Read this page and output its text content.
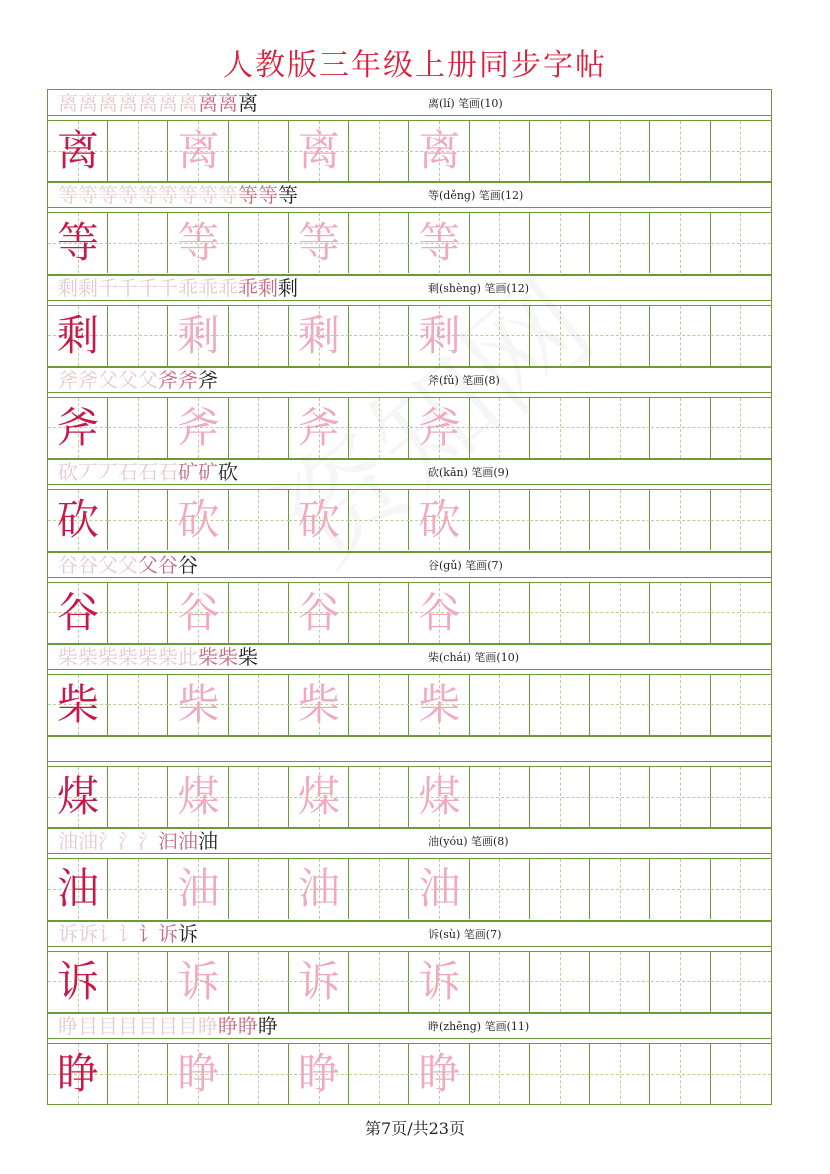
人教版三年级上册同步字帖
离离离离离离离离离离	离(lí) 笔画(10)
离 离 离 离
等等等等等等等等等等等等	等(děng) 笔画(12)
等 等 等 等
剩剩千千千千乖乖乖乖剩剩	剩(shèng) 笔画(12)
剩 剩 剩 剩
斧斧父父父斧斧斧	斧(fǔ) 笔画(8)
斧 斧 斧 斧
砍丆丆石石石矿矿砍	砍(kǎn) 笔画(9)
砍 砍 砍 砍
谷谷父父父谷谷	谷(gǔ) 笔画(7)
谷 谷 谷 谷
柴柴柴柴柴柴此柴柴柴	柴(chái) 笔画(10)
柴 柴 柴 柴
煤 煤 煤 煤
油油氵氵氵汩油油	油(yóu) 笔画(8)
油 油 油 油
诉诉讠讠讠诉诉	诉(sù) 笔画(7)
诉 诉 诉 诉
睁目目目目目目睁睁睁睁	睁(zhēng) 笔画(11)
睁 睁 睁 睁
第7页/共23页
